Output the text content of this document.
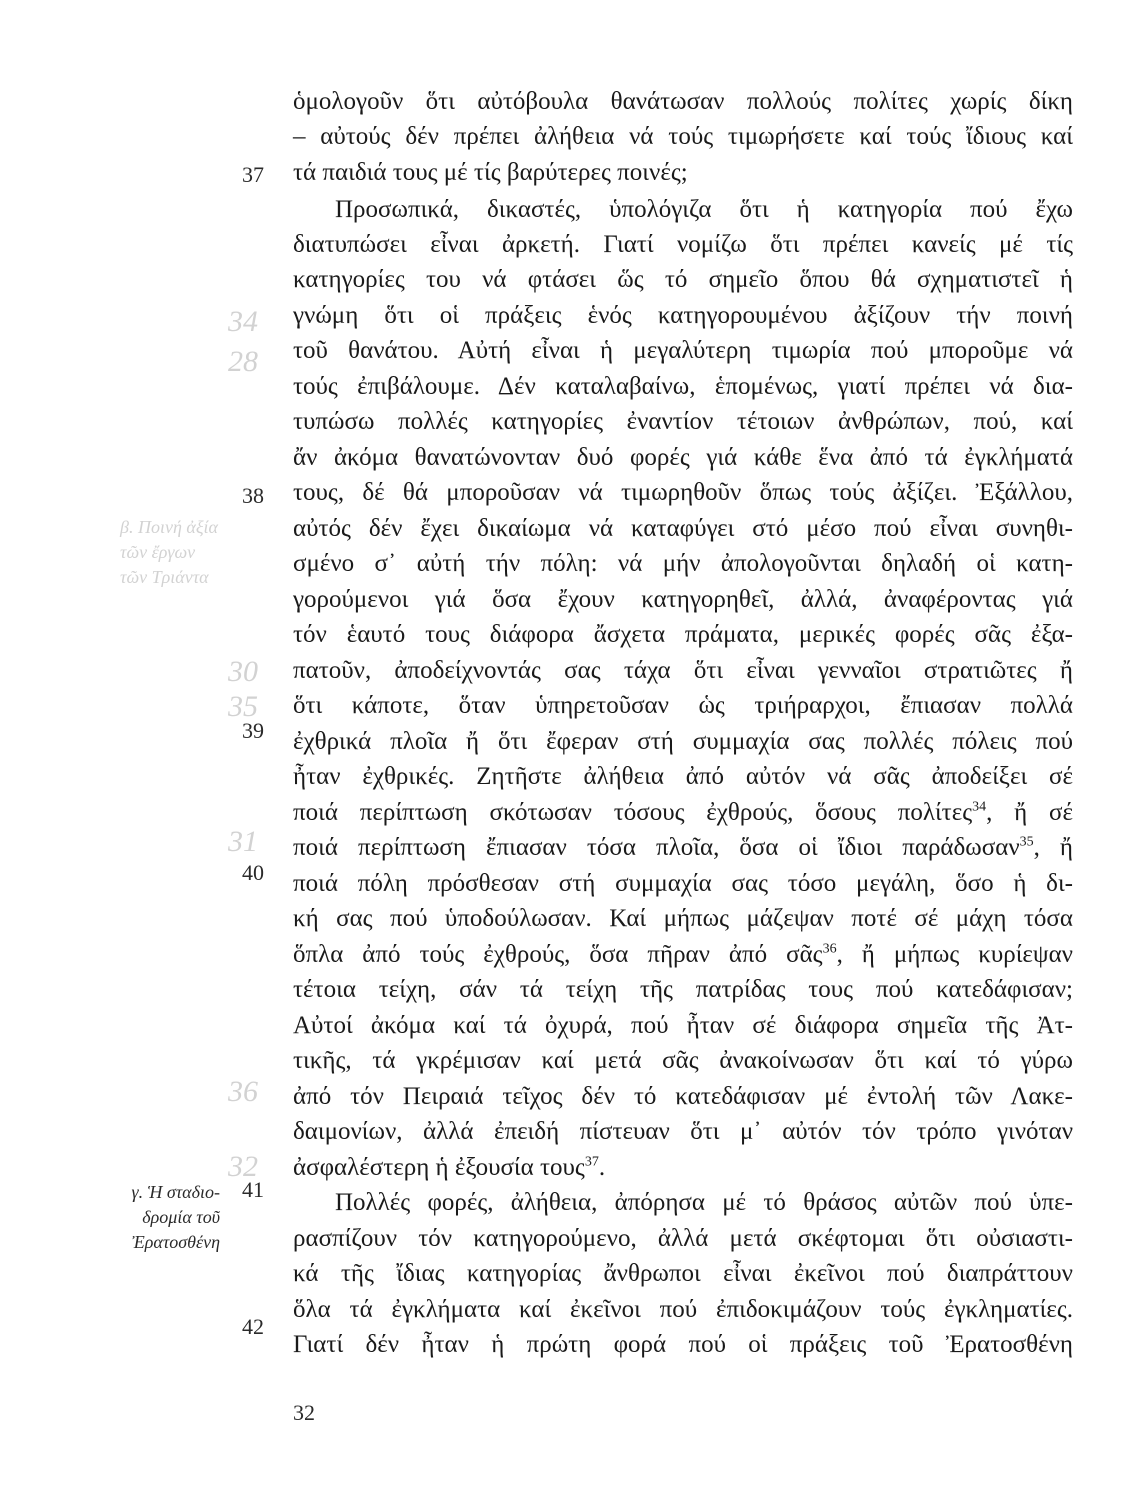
β. Ποινή ἀξία
τῶν ἔργων
τῶν Τριάντα
34
28
30
35
31
36
32
37
38
39
40
41
42
γ. Ἡ σταδιο-
δρομία τοῦ
Ἐρατοσθένη
ὁμολογοῦν ὅτι αὐτόβουλα θανάτωσαν πολλούς πολίτες χωρίς δίκη
– αὐτούς δέν πρέπει ἀλήθεια νά τούς τιμωρήσετε καί τούς ἴδιους καί
τά παιδιά τους μέ τίς βαρύτερες ποινές;
Προσωπικά, δικαστές, ὑπολόγιζα ὅτι ἡ κατηγορία πού ἔχω
διατυπώσει εἶναι ἀρκετή. Γιατί νομίζω ὅτι πρέπει κανείς μέ τίς
κατηγορίες του νά φτάσει ὥς τό σημεῖο ὅπου θά σχηματιστεῖ ἡ
γνώμη ὅτι οἱ πράξεις ἑνός κατηγορουμένου ἀξίζουν τήν ποινή
τοῦ θανάτου. Αὐτή εἶναι ἡ μεγαλύτερη τιμωρία πού μποροῦμε νά
τούς ἐπιβάλουμε. Δέν καταλαβαίνω, ἑπομένως, γιατί πρέπει νά δια-
τυπώσω πολλές κατηγορίες ἐναντίον τέτοιων ἀνθρώπων, πού, καί
ἄν ἀκόμα θανατώνονταν δυό φορές γιά κάθε ἕνα ἀπό τά ἐγκλήματά
τους, δέ θά μποροῦσαν νά τιμωρηθοῦν ὅπως τούς ἀξίζει. Ἐξάλλου,
αὐτός δέν ἔχει δικαίωμα νά καταφύγει στό μέσο πού εἶναι συνηθι-
σμένο σ᾽ αὐτή τήν πόλη: νά μήν ἀπολογοῦνται δηλαδή οἱ κατη-
γορούμενοι γιά ὅσα ἔχουν κατηγορηθεῖ, ἀλλά, ἀναφέροντας γιά
τόν ἑαυτό τους διάφορα ἄσχετα πράματα, μερικές φορές σᾶς ἐξα-
πατοῦν, ἀποδείχνοντάς σας τάχα ὅτι εἶναι γενναῖοι στρατιῶτες ἤ
ὅτι κάποτε, ὅταν ὑπηρετοῦσαν ὡς τριήραρχοι, ἔπιασαν πολλά
ἐχθρικά πλοῖα ἤ ὅτι ἔφεραν στή συμμαχία σας πολλές πόλεις πού
ἦταν ἐχθρικές. Ζητῆστε ἀλήθεια ἀπό αὐτόν νά σᾶς ἀποδείξει σέ
ποιά περίπτωση σκότωσαν τόσους ἐχθρούς, ὅσους πολίτες$^{34}$, ἤ σέ
ποιά περίπτωση ἔπιασαν τόσα πλοῖα, ὅσα οἱ ἴδιοι παράδωσαν$^{35}$, ἤ
ποιά πόλη πρόσθεσαν στή συμμαχία σας τόσο μεγάλη, ὅσο ἡ δι-
κή σας πού ὑποδούλωσαν. Καί μήπως μάζεψαν ποτέ σέ μάχη τόσα
ὅπλα ἀπό τούς ἐχθρούς, ὅσα πῆραν ἀπό σᾶς$^{36}$, ἤ μήπως κυρίεψαν
τέτοια τείχη, σάν τά τείχη τῆς πατρίδας τους πού κατεδάφισαν;
Αὐτοί ἀκόμα καί τά ὀχυρά, πού ἦταν σέ διάφορα σημεῖα τῆς Ἀτ-
τικῆς, τά γκρέμισαν καί μετά σᾶς ἀνακοίνωσαν ὅτι καί τό γύρω
ἀπό τόν Πειραιά τεῖχος δέν τό κατεδάφισαν μέ ἐντολή τῶν Λακε-
δαιμονίων, ἀλλά ἐπειδή πίστευαν ὅτι μ᾽ αὐτόν τόν τρόπο γινόταν
ἀσφαλέστερη ἡ ἐξουσία τους$^{37}$.
Πολλές φορές, ἀλήθεια, ἀπόρησα μέ τό θράσος αὐτῶν πού ὑπε-
ρασπίζουν τόν κατηγορούμενο, ἀλλά μετά σκέφτομαι ὅτι οὐσιαστι-
κά τῆς ἴδιας κατηγορίας ἄνθρωποι εἶναι ἐκεῖνοι πού διαπράττουν
ὅλα τά ἐγκλήματα καί ἐκεῖνοι πού ἐπιδοκιμάζουν τούς ἐγκληματίες.
Γιατί δέν ἦταν ἡ πρώτη φορά πού οἱ πράξεις τοῦ Ἐρατοσθένη
32
